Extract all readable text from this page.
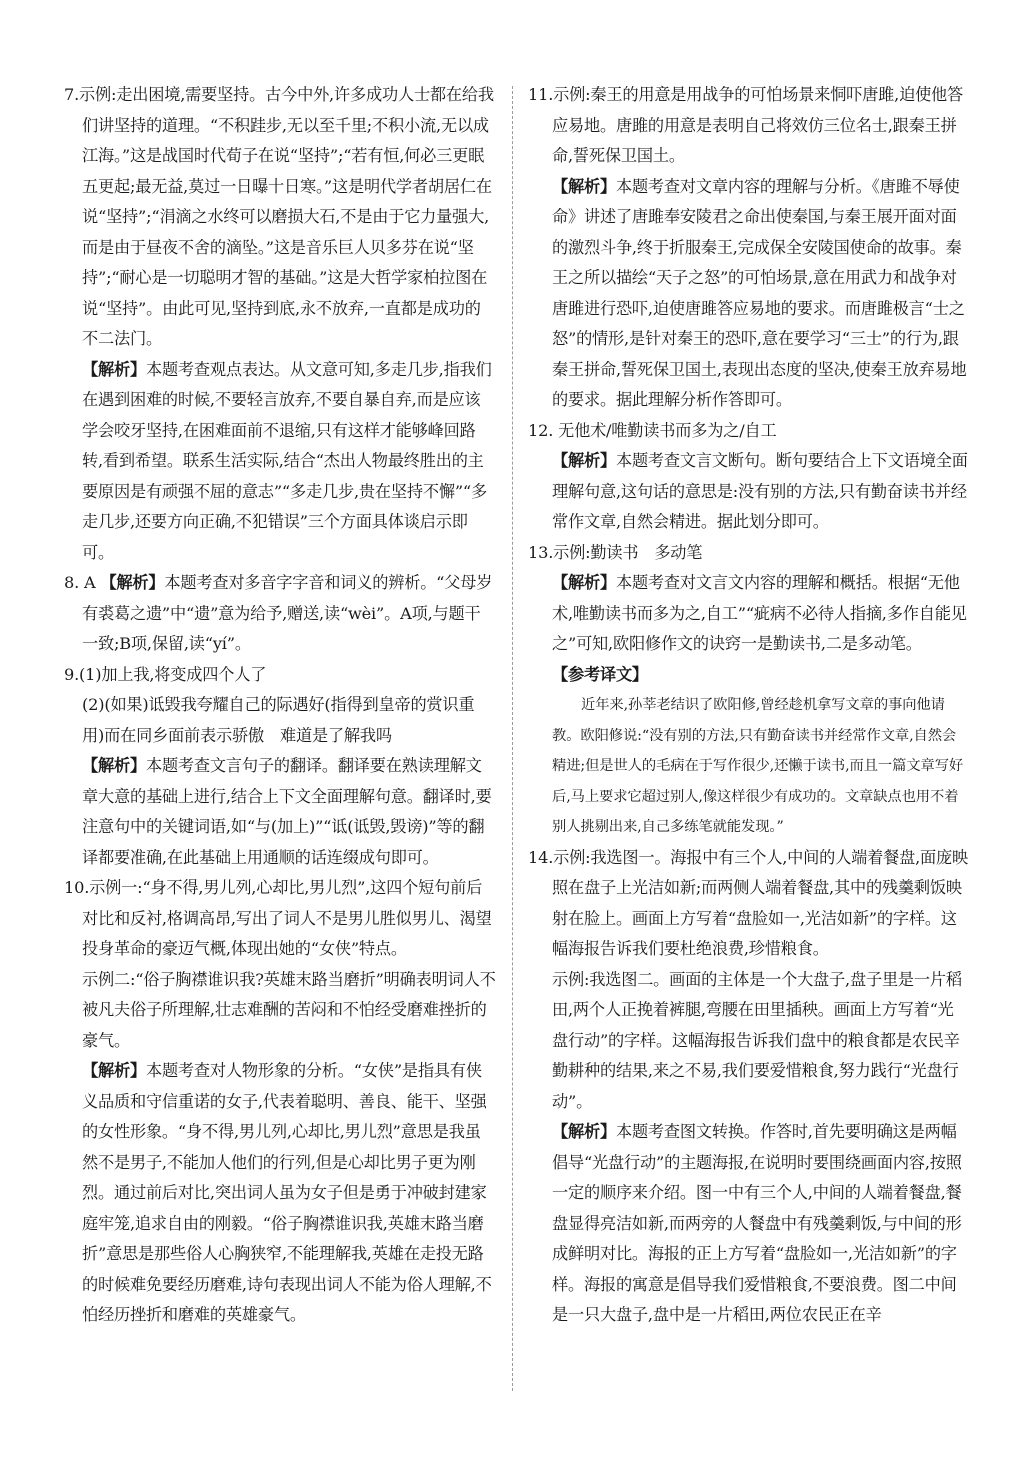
7.示例:走出困境,需要坚持。古今中外,许多成功人士都在给我们讲坚持的道理。“不积跬步,无以至千里;不积小流,无以成江海。”这是战国时代荀子在说“坚持”;“若有恒,何必三更眠五更起;最无益,莫过一日曝十日寒。”这是明代学者胡居仁在说“坚持”;“涓滴之水终可以磨损大石,不是由于它力量强大,而是由于昼夜不舍的滴坠。”这是音乐巨人贝多芬在说“坚持”;“耐心是一切聪明才智的基础。”这是大哲学家柏拉图在说“坚持”。由此可见,坚持到底,永不放弃,一直都是成功的不二法门。
【解析】本题考查观点表达。从文意可知,多走几步,指我们在遇到困难的时候,不要轻言放弃,不要自暴自弃,而是应该学会咬牙坚持,在困难面前不退缩,只有这样才能够峰回路转,看到希望。联系生活实际,结合“杰出人物最终胜出的主要原因是有顽强不屈的意志”“多走几步,贵在坚持不懈”“多走几步,还要方向正确,不犯错误”三个方面具体谈启示即可。
8. A 【解析】本题考查对多音字字音和词义的辨析。“父母岁有裘葛之遗”中“遗”意为给予,赠送,读“wèi”。A项,与题干一致;B项,保留,读“yí”。
9.(1)加上我,将变成四个人了
(2)(如果)诋毁我夸耀自己的际遇好(指得到皇帝的赏识重用)而在同乡面前表示骄傲　难道是了解我吗
【解析】本题考查文言句子的翻译。翻译要在熟读理解文章大意的基础上进行,结合上下文全面理解句意。翻译时,要注意句中的关键词语,如“与(加上)”“诋(诋毁,毁谤)”等的翻译都要准确,在此基础上用通顺的话连缀成句即可。
10.示例一:“身不得,男儿列,心却比,男儿烈”,这四个短句前后对比和反衬,格调高昂,写出了词人不是男儿胜似男儿、渴望投身革命的豪迈气概,体现出她的“女侠”特点。
示例二:“俗子胸襟谁识我?英雄末路当磨折”明确表明词人不被凡夫俗子所理解,壮志难酬的苦闷和不怕经受磨难挫折的豪气。
【解析】本题考查对人物形象的分析。“女侠”是指具有侠义品质和守信重诺的女子,代表着聪明、善良、能干、坚强的女性形象。“身不得,男儿列,心却比,男儿烈”意思是我虽然不是男子,不能加人他们的行列,但是心却比男子更为刚烈。通过前后对比,突出词人虽为女子但是勇于冲破封建家庭牢笼,追求自由的刚毅。“俗子胸襟谁识我,英雄末路当磨折”意思是那些俗人心胸狭窄,不能理解我,英雄在走投无路的时候难免要经历磨难,诗句表现出词人不能为俗人理解,不怕经历挫折和磨难的英雄豪气。
11.示例:秦王的用意是用战争的可怕场景来恫吓唐雎,迫使他答应易地。唐雎的用意是表明自己将效仿三位名士,跟秦王拼命,誓死保卫国土。
【解析】本题考查对文章内容的理解与分析。《唐雎不辱使命》讲述了唐雎奉安陵君之命出使秦国,与秦王展开面对面的激烈斗争,终于折服秦王,完成保全安陵国使命的故事。秦王之所以描绘“天子之怒”的可怕场景,意在用武力和战争对唐雎进行恐吓,迫使唐雎答应易地的要求。而唐雎极言“士之怒”的情形,是针对秦王的恐吓,意在要学习“三士”的行为,跟秦王拼命,誓死保卫国土,表现出态度的坚决,使秦王放弃易地的要求。据此理解分析作答即可。
12. 无他术/唯勤读书而多为之/自工
【解析】本题考查文言文断句。断句要结合上下文语境全面理解句意,这句话的意思是:没有别的方法,只有勤奋读书并经常作文章,自然会精进。据此划分即可。
13.示例:勤读书　多动笔
【解析】本题考查对文言文内容的理解和概括。根据“无他术,唯勤读书而多为之,自工”“疵病不必待人指摘,多作自能见之”可知,欧阳修作文的诀窍一是勤读书,二是多动笔。
【参考译文】
近年来,孙莘老结识了欧阳修,曾经趁机拿写文章的事向他请教。欧阳修说:“没有别的方法,只有勤奋读书并经常作文章,自然会精进;但是世人的毛病在于写作很少,还懒于读书,而且一篇文章写好后,马上要求它超过别人,像这样很少有成功的。文章缺点也用不着别人挑剔出来,自己多练笔就能发现。”
14.示例:我选图一。海报中有三个人,中间的人端着餐盘,面庞映照在盘子上光洁如新;而两侧人端着餐盘,其中的残羹剩饭映射在脸上。画面上方写着“盘脸如一,光洁如新”的字样。这幅海报告诉我们要杜绝浪费,珍惜粮食。
示例:我选图二。画面的主体是一个大盘子,盘子里是一片稻田,两个人正挽着裤腿,弯腰在田里插秧。画面上方写着“光盘行动”的字样。这幅海报告诉我们盘中的粮食都是农民辛勤耕种的结果,来之不易,我们要爱惜粮食,努力践行“光盘行动”。
【解析】本题考查图文转换。作答时,首先要明确这是两幅倡导“光盘行动”的主题海报,在说明时要围绕画面内容,按照一定的顺序来介绍。图一中有三个人,中间的人端着餐盘,餐盘显得亮洁如新,而两旁的人餐盘中有残羹剩饭,与中间的形成鲜明对比。海报的正上方写着“盘脸如一,光洁如新”的字样。海报的寓意是倡导我们爱惜粮食,不要浪费。图二中间是一只大盘子,盘中是一片稻田,两位农民正在辛
